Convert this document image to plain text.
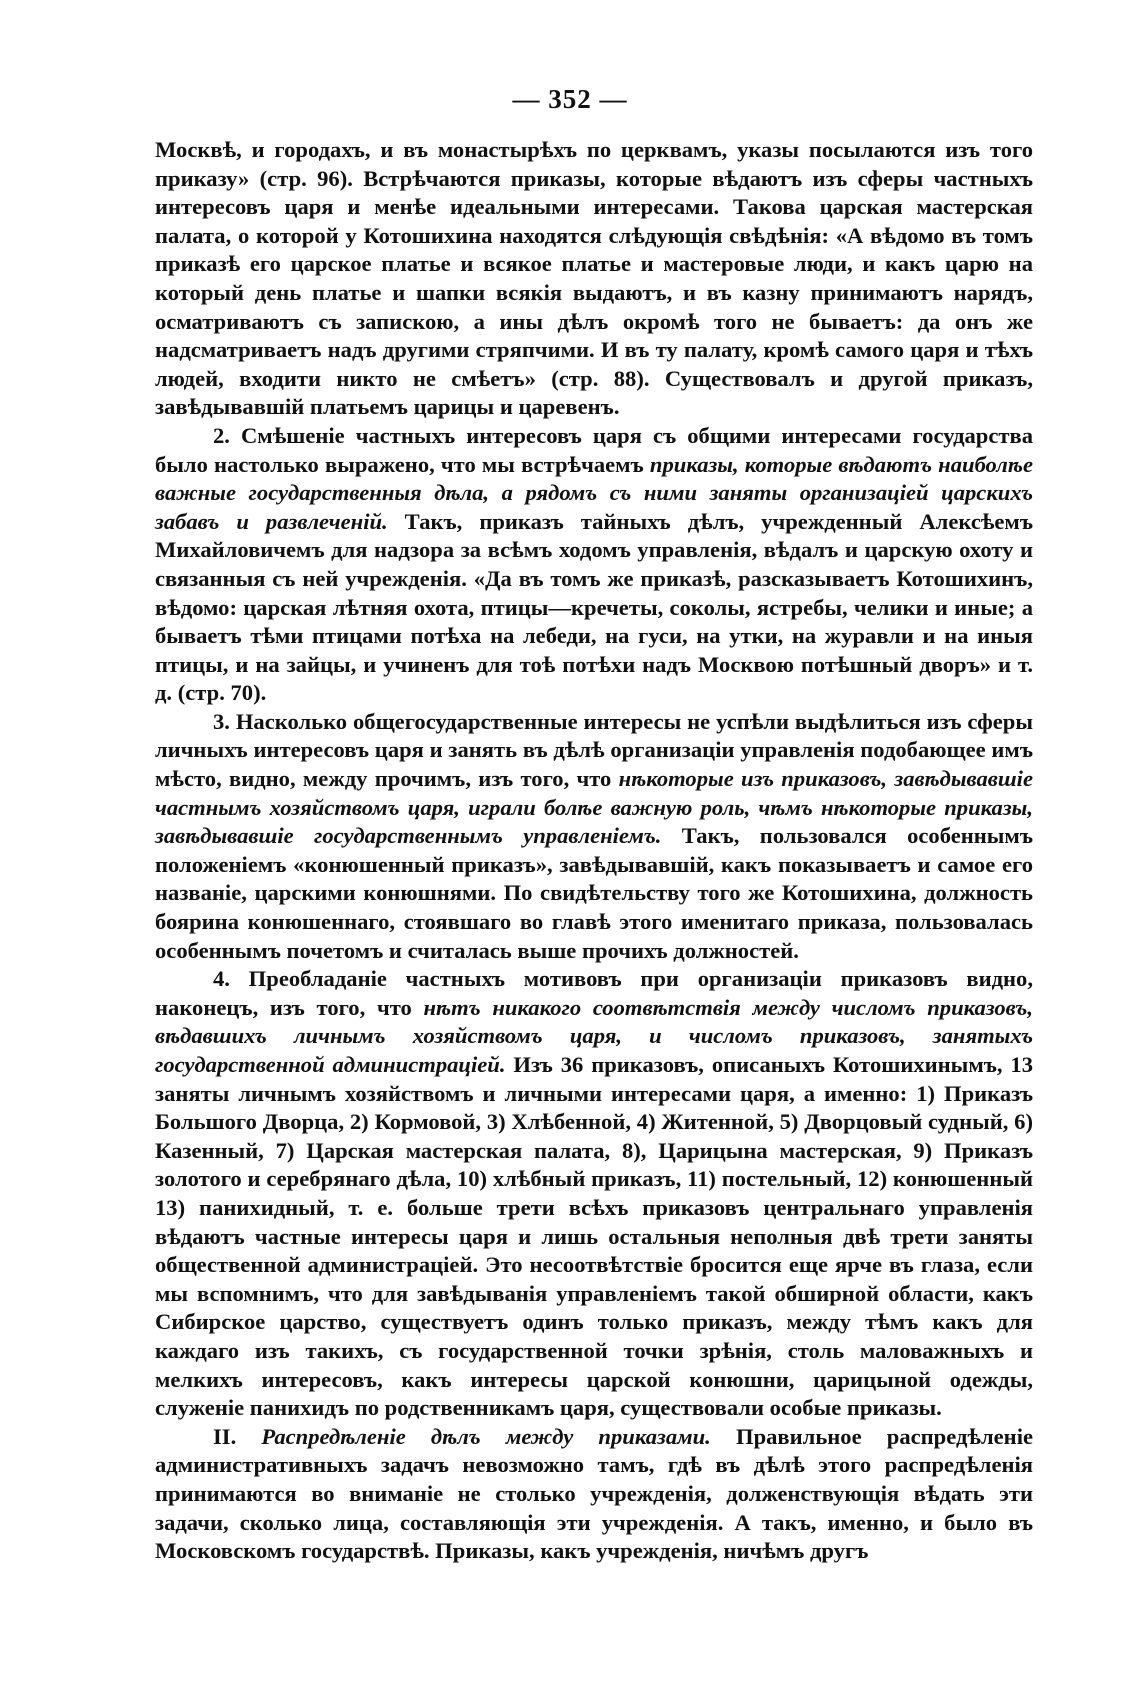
— 352 —

Москвѣ, и городахъ, и въ монастырѣхъ по церквамъ, указы посылаются изъ того приказу» (стр. 96). Встрѣчаются приказы, которые вѣдаютъ изъ сферы частныхъ интересовъ царя и менѣе идеальными интересами. Такова царская мастерская палата, о которой у Котошихина находятся слѣдующія свѣдѣнія: «А вѣдомо въ томъ приказѣ его царское платье и всякое платье и мастеровые люди, и какъ царю на который день платье и шапки всякія выдаютъ, и въ казну принимаютъ нарядъ, осматриваютъ съ запискою, а ины дѣлъ окромѣ того не бываетъ: да онъ же надсматриваетъ надъ другими стряпчими. И въ ту палату, кромѣ самого царя и тѣхъ людей, входити никто не смѣетъ» (стр. 88). Существовалъ и другой приказъ, завѣдывавшій платьемъ царицы и царевенъ.

2. Смѣшеніе частныхъ интересовъ царя съ общими интересами государства было настолько выражено, что мы встрѣчаемъ приказы, которые вѣдаютъ наиболѣе важные государственныя дѣла, а рядомъ съ ними заняты организаціей царскихъ забавъ и развлеченій. Такъ, приказъ тайныхъ дѣлъ, учрежденный Алексѣемъ Михайловичемъ для надзора за всѣмъ ходомъ управленія, вѣдалъ и царскую охоту и связанныя съ ней учрежденія. «Да въ томъ же приказѣ, разсказываетъ Котошихинъ, вѣдомо: царская лѣтняя охота, птицы—кречеты, соколы, ястребы, челики и иные; а бываетъ тѣми птицами потѣха на лебеди, на гуси, на утки, на журавли и на иныя птицы, и на зайцы, и учиненъ для тоѣ потѣхи надъ Москвою потѣшный дворъ» и т. д. (стр. 70).

3. Насколько общегосударственные интересы не успѣли выдѣлиться изъ сферы личныхъ интересовъ царя и занять въ дѣлѣ организаціи управленія подобающее имъ мѣсто, видно, между прочимъ, изъ того, что нѣкоторые изъ приказовъ, завѣдывавшіе частнымъ хозяйствомъ царя, играли болѣе важную роль, чѣмъ нѣкоторые приказы, завѣдывавшіе государственнымъ управленіемъ. Такъ, пользовался особеннымъ положеніемъ «конюшенный приказъ», завѣдывавшій, какъ показываетъ и самое его названіе, царскими конюшнями. По свидѣтельству того же Котошихина, должность боярина конюшеннаго, стоявшаго во главѣ этого именитаго приказа, пользовалась особеннымъ почетомъ и считалась выше прочихъ должностей.

4. Преобладаніе частныхъ мотивовъ при организаціи приказовъ видно, наконецъ, изъ того, что нѣтъ никакого соотвѣтствія между числомъ приказовъ, вѣдавшихъ личнымъ хозяйствомъ царя, и числомъ приказовъ, занятыхъ государственной администраціей. Изъ 36 приказовъ, описаныхъ Котошихинымъ, 13 заняты личнымъ хозяйствомъ и личными интересами царя, а именно: 1) Приказъ Большого Дворца, 2) Кормовой, 3) Хлѣбенной, 4) Житенной, 5) Дворцовый судный, 6) Казенный, 7) Царская мастерская палата, 8), Царицына мастерская, 9) Приказъ золотого и серебрянаго дѣла, 10) хлѣбный приказъ, 11) постельный, 12) конюшенный 13) панихидный, т. е. больше трети всѣхъ приказовъ центральнаго управленія вѣдаютъ частные интересы царя и лишь остальныя неполныя двѣ трети заняты общественной администраціей. Это несоотвѣтствіе бросится еще ярче въ глаза, если мы вспомнимъ, что для завѣдыванія управленіемъ такой обширной области, какъ Сибирское царство, существуетъ одинъ только приказъ, между тѣмъ какъ для каждаго изъ такихъ, съ государственной точки зрѣнія, столь маловажныхъ и мелкихъ интересовъ, какъ интересы царской конюшни, царицыной одежды, служеніе панихидъ по родственникамъ царя, существовали особые приказы.

II. Распредѣленіе дѣлъ между приказами. Правильное распредѣленіе административныхъ задачъ невозможно тамъ, гдѣ въ дѣлѣ этого распредѣленія принимаются во вниманіе не столько учрежденія, долженствующія вѣдать эти задачи, сколько лица, составляющія эти учрежденія. А такъ, именно, и было въ Московскомъ государствѣ. Приказы, какъ учрежденія, ничѣмъ другъ
